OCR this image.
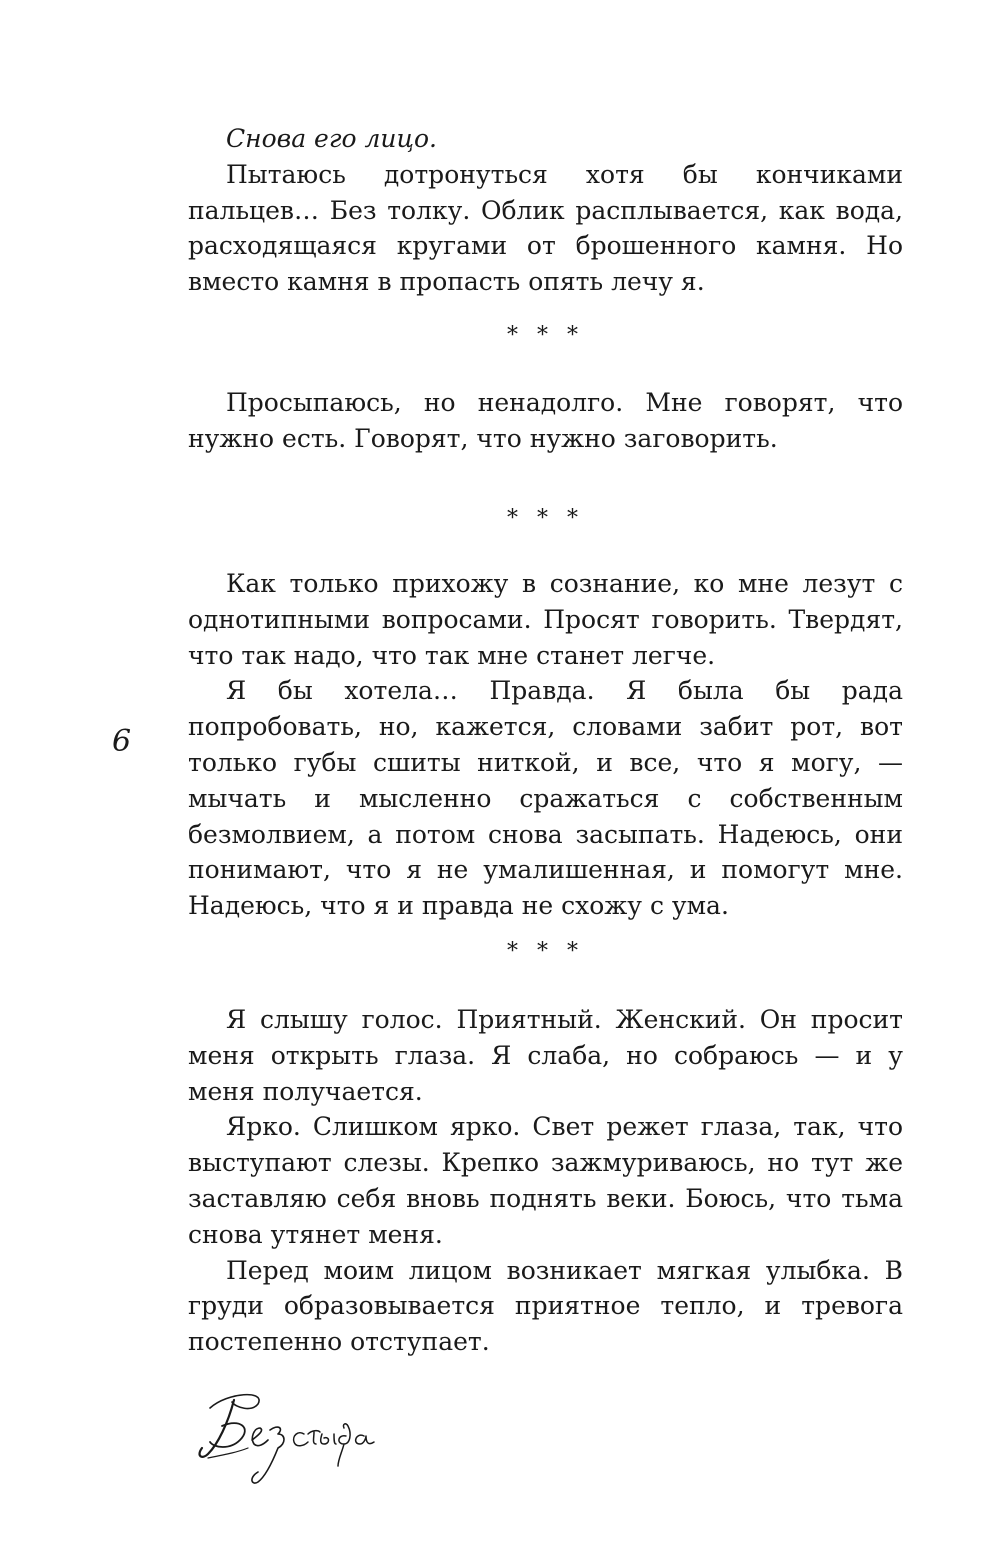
Снова его лицо.

Пытаюсь дотронуться хотя бы кончиками пальцев… Без толку. Облик расплывается, как вода, расходящаяся кругами от брошенного камня. Но вместо камня в пропасть опять лечу я.

* * *

Просыпаюсь, но ненадолго. Мне говорят, что нужно есть. Говорят, что нужно заговорить.

* * *

Как только прихожу в сознание, ко мне лезут с однотипными вопросами. Просят говорить. Твердят, что так надо, что так мне станет легче.

Я бы хотела… Правда. Я была бы рада попробовать, но, кажется, словами забит рот, вот только губы сшиты ниткой, и все, что я могу, — мычать и мысленно сражаться с собственным безмолвием, а потом снова засыпать. Надеюсь, они понимают, что я не умалишенная, и помогут мне. Надеюсь, что я и правда не схожу с ума.

* * *

Я слышу голос. Приятный. Женский. Он просит меня открыть глаза. Я слаба, но собраюсь — и у меня получается.

Ярко. Слишком ярко. Свет режет глаза, так, что выступают слезы. Крепко зажмуриваюсь, но тут же заставляю себя вновь поднять веки. Боюсь, что тьма снова утянет меня.

Перед моим лицом возникает мягкая улыбка. В груди образовывается приятное тепло, и тревога постепенно отступает.

6
